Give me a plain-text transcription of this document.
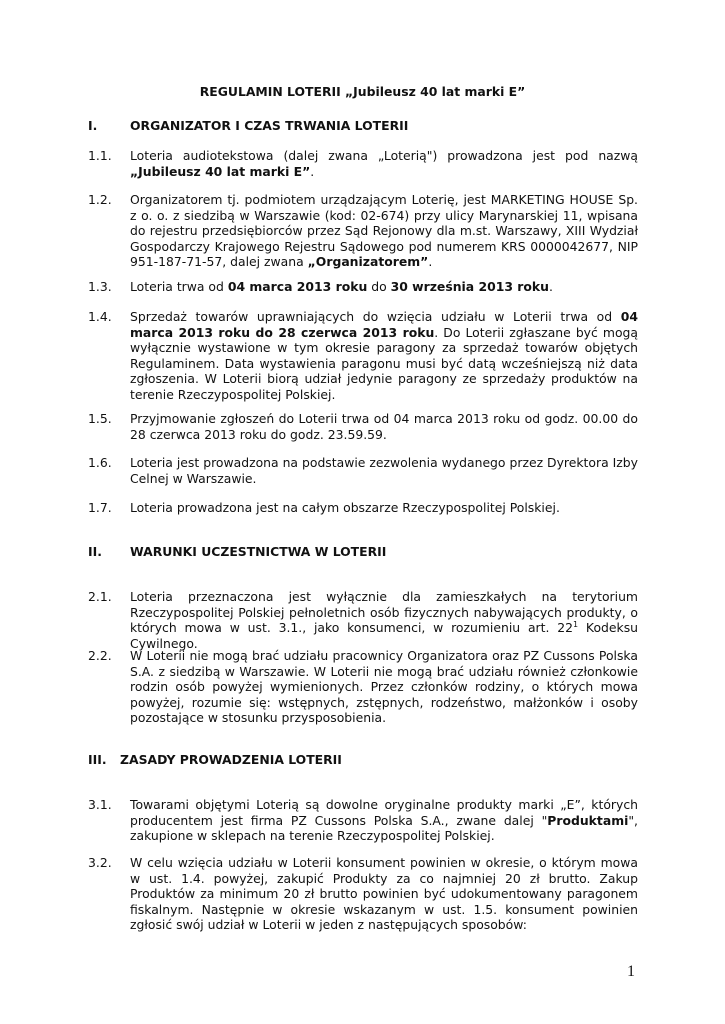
REGULAMIN LOTERII „Jubileusz 40 lat marki E”
I.	ORGANIZATOR I CZAS TRWANIA LOTERII
1.1. Loteria audiotekstowa (dalej zwana „Loterią") prowadzona jest pod nazwą „Jubileusz 40 lat marki E”.
1.2. Organizatorem tj. podmiotem urządzającym Loterię, jest MARKETING HOUSE Sp. z o. o. z siedzibą w Warszawie (kod: 02-674) przy ulicy Marynarskiej 11, wpisana do rejestru przedsiębiorców przez Sąd Rejonowy dla m.st. Warszawy, XIII Wydział Gospodarczy Krajowego Rejestru Sądowego pod numerem KRS 0000042677, NIP 951-187-71-57, dalej zwana „Organizatorem”.
1.3. Loteria trwa od 04 marca 2013 roku do 30 września 2013 roku.
1.4. Sprzedaż towarów uprawniających do wzięcia udziału w Loterii trwa od 04 marca 2013 roku do 28 czerwca 2013 roku. Do Loterii zgłaszane być mogą wyłącznie wystawione w tym okresie paragony za sprzedaż towarów objętych Regulaminem. Data wystawienia paragonu musi być datą wcześniejszą niż data zgłoszenia. W Loterii biorą udział jedynie paragony ze sprzedaży produktów na terenie Rzeczypospolitej Polskiej.
1.5. Przyjmowanie zgłoszeń do Loterii trwa od 04 marca 2013 roku od godz. 00.00 do 28 czerwca 2013 roku do godz. 23.59.59.
1.6. Loteria jest prowadzona na podstawie zezwolenia wydanego przez Dyrektora Izby Celnej w Warszawie.
1.7. Loteria prowadzona jest na całym obszarze Rzeczypospolitej Polskiej.
II. WARUNKI UCZESTNICTWA W LOTERII
2.1. Loteria przeznaczona jest wyłącznie dla zamieszkałych na terytorium Rzeczypospolitej Polskiej pełnoletnich osób fizycznych nabywających produkty, o których mowa w ust. 3.1., jako konsumenci, w rozumieniu art. $22^1$ Kodeksu Cywilnego.
2.2. W Loterii nie mogą brać udziału pracownicy Organizatora oraz PZ Cussons Polska S.A. z siedzibą w Warszawie. W Loterii nie mogą brać udziału również członkowie rodzin osób powyżej wymienionych. Przez członków rodziny, o których mowa powyżej, rozumie się: wstępnych, zstępnych, rodzeństwo, małżonków i osoby pozostające w stosunku przysposobienia.
III. ZASADY PROWADZENIA LOTERII
3.1. Towarami objętymi Loterią są dowolne oryginalne produkty marki „E”, których producentem jest firma PZ Cussons Polska S.A., zwane dalej "Produktami", zakupione w sklepach na terenie Rzeczypospolitej Polskiej.
3.2. W celu wzięcia udziału w Loterii konsument powinien w okresie, o którym mowa w ust. 1.4. powyżej, zakupić Produkty za co najmniej 20 zł brutto. Zakup Produktów za minimum 20 zł brutto powinien być udokumentowany paragonem fiskalnym. Następnie w okresie wskazanym w ust. 1.5. konsument powinien zgłosić swój udział w Loterii w jeden z następujących sposobów:
1
